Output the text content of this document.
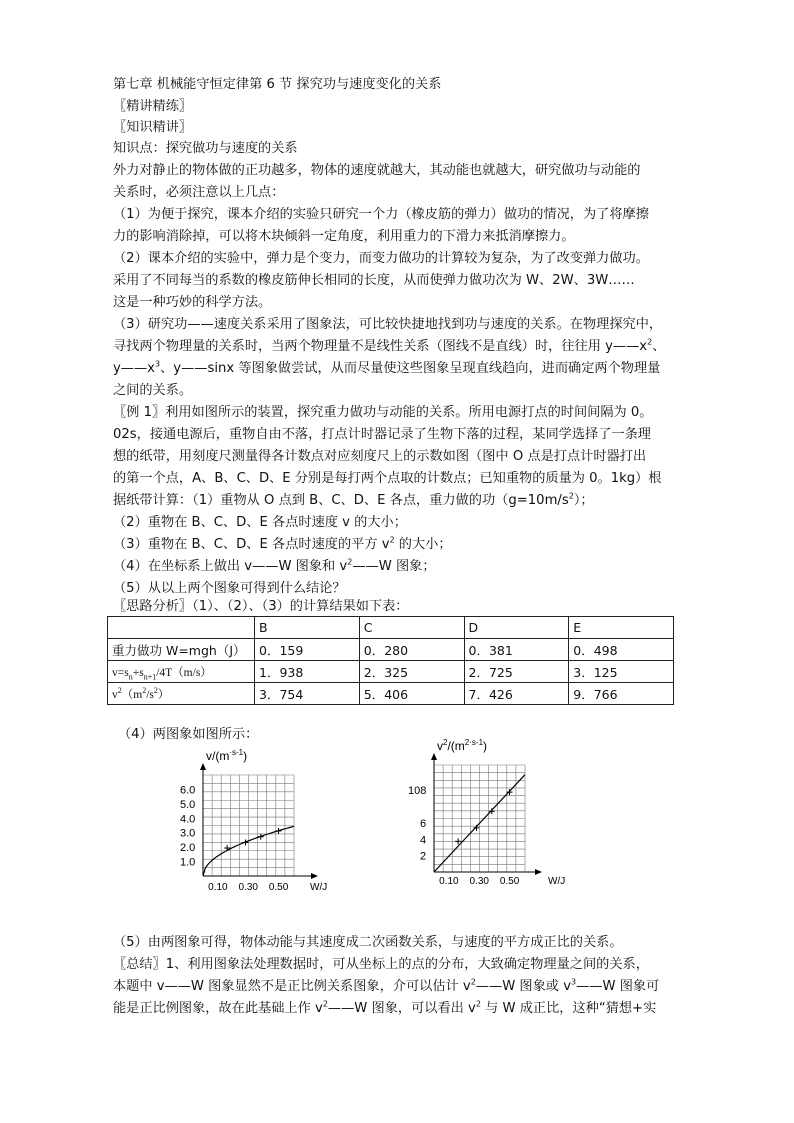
第七章 机械能守恒定律第 6 节 探究功与速度变化的关系
〖精讲精练〗
〖知识精讲〗
知识点：探究做功与速度的关系
外力对静止的物体做的正功越多，物体的速度就越大，其动能也就越大，研究做功与动能的
关系时，必须注意以上几点：
（1）为便于探究，课本介绍的实验只研究一个力（橡皮筋的弹力）做功的情况，为了将摩擦
力的影响消除掉，可以将木块倾斜一定角度，利用重力的下滑力来抵消摩擦力。
（2）课本介绍的实验中，弹力是个变力，而变力做功的计算较为复杂，为了改变弹力做功。
采用了不同每当的系数的橡皮筋伸长相同的长度，从而使弹力做功次为 W、2W、3W……
这是一种巧妙的科学方法。
（3）研究功——速度关系采用了图象法，可比较快捷地找到功与速度的关系。在物理探究中，
寻找两个物理量的关系时，当两个物理量不是线性关系（图线不是直线）时，往往用 $y——x^2$、
$y——x^3$、y——sinx 等图象做尝试，从而尽量使这些图象呈现直线趋向，进而确定两个物理量
之间的关系。
〖例 1〗利用如图所示的装置，探究重力做功与动能的关系。所用电源打点的时间间隔为 0。
02s，接通电源后，重物自由不落，打点计时器记录了生物下落的过程，某同学选择了一条理
想的纸带，用刻度尺测量得各计数点对应刻度尺上的示数如图（图中 O 点是打点计时器打出
的第一个点，A、B、C、D、E 分别是每打两个点取的计数点；已知重物的质量为 0。1kg）根
据纸带计算：（1）重物从 O 点到 B、C、D、E 各点，重力做的功$(g=10m/s^2)$；
（2）重物在 B、C、D、E 各点时速度 v 的大小；
（3）重物在 B、C、D、E 各点时速度的平方 $v^2$ 的大小；
（4）在坐标系上做出 v——W 图象和 $v^2——W$ 图象；
（5）从以上两个图象可得到什么结论？
	B	C	D	E
重力做功 W=mgh（J）	0．159	0．280	0．381	0．498
$v=s_n+s_{n+1}/4T(m/s)$	1．938	2．325	2．725	3．125
$v^2(m^2/s^2)$	3．754	5．406	7．426	9．766
（4）两图象如图所示：
$v/(m^{\cdot s-1})$
W/J
6.0
5.0
4.0
3.0
2.0
1.0
0.10 0.30 0.50
$v^2/(m^2\cdot s-1)$
W/J
108
6
4
2
0.10 0.30 0.50
（5）由两图象可得，物体动能与其速度成二次函数关系，与速度的平方成正比的关系。
〖总结〗1、利用图象法处理数据时，可从坐标上的点的分布，大致确定物理量之间的关系，
本题中 v——W 图象显然不是正比例关系图象，介可以估计 $v^2——W$ 图象或 $v^3——W$ 图象可
能是正比例图象，故在此基础上作 $v^2——W$ 图象，可以看出 $v^2$ 与 W 成正比，这种“猜想+实
〖思路分析〗（1）、（2）、（3）的计算结果如下表：
